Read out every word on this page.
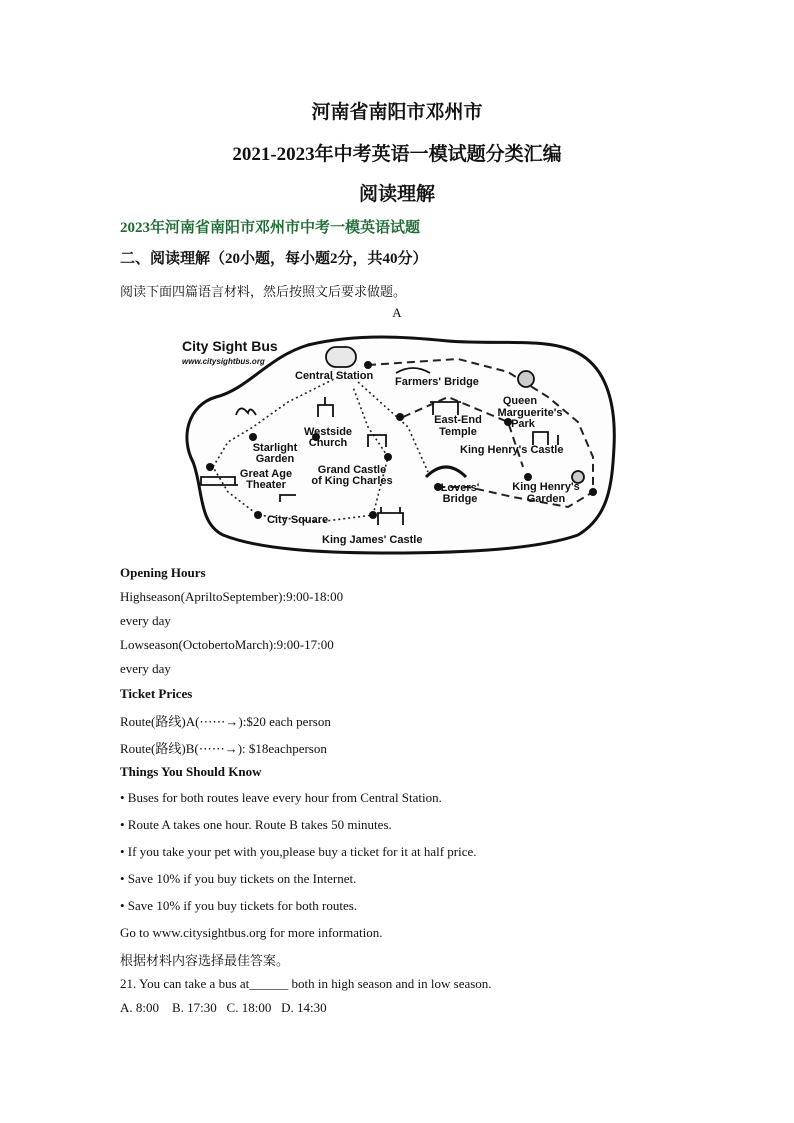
河南省南阳市邓州市
2021-2023年中考英语一模试题分类汇编
阅读理解
2023年河南省南阳市邓州市中考一模英语试题
二、阅读理解（20小题，每小题2分，共40分）
阅读下面四篇语言材料，然后按照文后要求做题。
A
City Sight Bus
www.citysightbus.org
Central Station Farmers' Bridge
Queen
Marguerite's
Park
East-End
Temple
King Henry's Castle
King Henry's
Garden
Westside
Church
Starlight
Garden
Grand Castle
of King Charles
Great Age
Theater	Lovers'
Bridge
City Square
King James' Castle
Opening Hours
Highseason(ApriltoSeptember):9:00-18:00
every day
Lowseason(OctobertoMarch):9:00-17:00
every day
Ticket Prices
Route(路线)A(⋯⋯→):$20 each person
Route(路线)B(⋯⋯→): $18eachperson
Things You Should Know
• Buses for both routes leave every hour from Central Station.
• Route A takes one hour. Route B takes 50 minutes.
• If you take your pet with you,please buy a ticket for it at half price.
• Save 10% if you buy tickets on the Internet.
• Save 10% if you buy tickets for both routes.
Go to www.citysightbus.org for more information.
根据材料内容选择最佳答案。
21. You can take a bus at______ both in high season and in low season.
A. 8:00    B. 17:30   C. 18:00   D. 14:30
